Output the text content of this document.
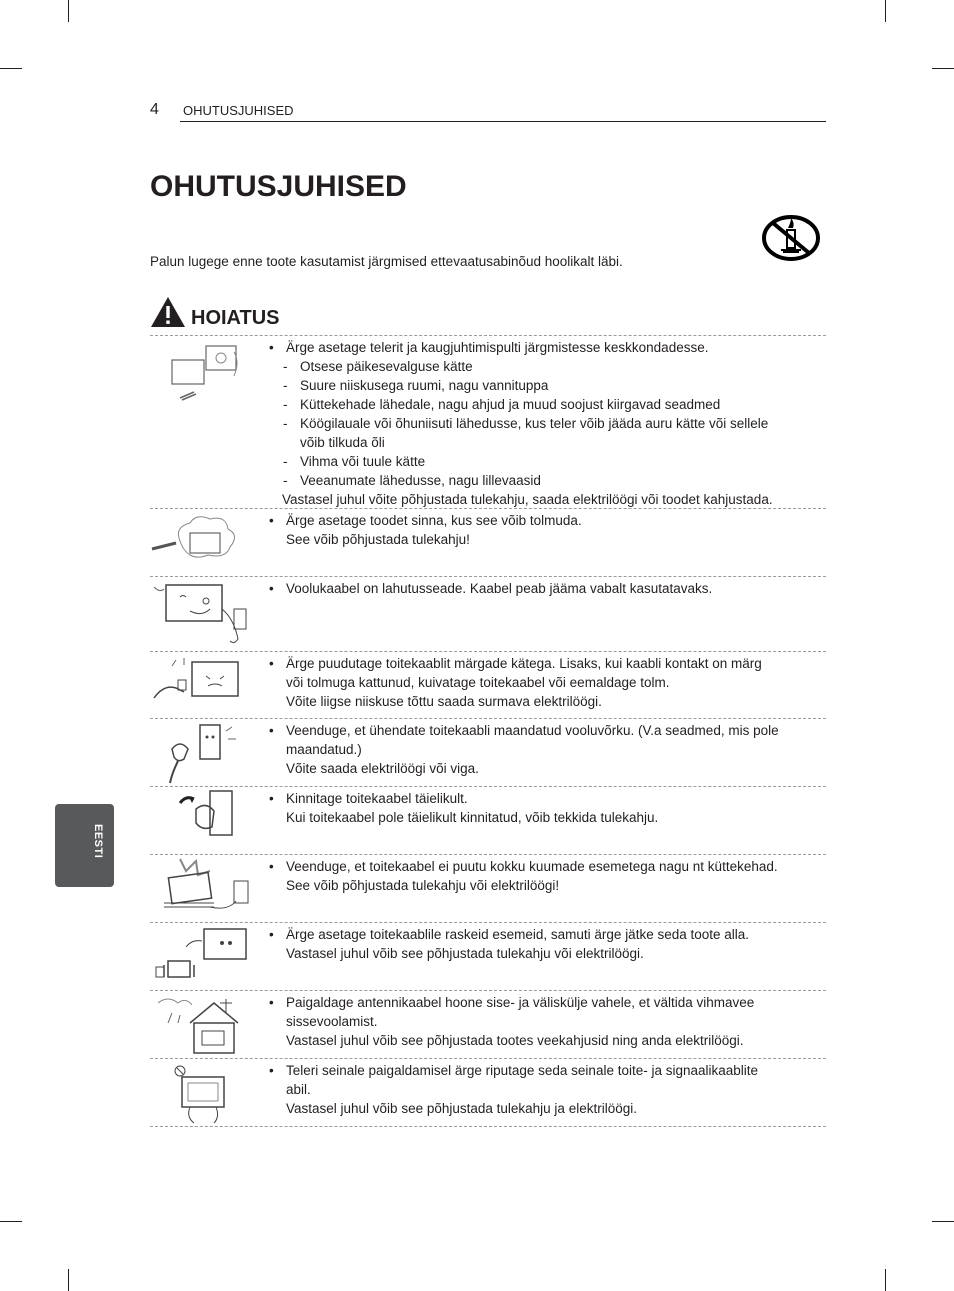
4 OHUTUSJUHISED
OHUTUSJUHISED
Palun lugege enne toote kasutamist järgmised ettevaatusabinõud hoolikalt läbi.
HOIATUS
• Ärge asetage telerit ja kaugjuhtimispulti järgmistesse keskkondadesse.
- Otsese päikesevalguse kätte
- Suure niiskusega ruumi, nagu vannituppa
- Küttekehade lähedale, nagu ahjud ja muud soojust kiirgavad seadmed
- Köögilauale või õhuniisuti lähedusse, kus teler võib jääda auru kätte või sellele
võib tilkuda õli
- Vihma või tuule kätte
- Veeanumate lähedusse, nagu lillevaasid
Vastasel juhul võite põhjustada tulekahju, saada elektrilöögi või toodet kahjustada.
• Ärge asetage toodet sinna, kus see võib tolmuda.
See võib põhjustada tulekahju!
• Voolukaabel on lahutusseade. Kaabel peab jääma vabalt kasutatavaks.
• Ärge puudutage toitekaablit märgade kätega. Lisaks, kui kaabli kontakt on märg
või tolmuga kattunud, kuivatage toitekaabel või eemaldage tolm.
Võite liigse niiskuse tõttu saada surmava elektrilöögi.
• Veenduge, et ühendate toitekaabli maandatud vooluvõrku. (V.a seadmed, mis pole
maandatud.)
Võite saada elektrilöögi või viga.
• Kinnitage toitekaabel täielikult.
Kui toitekaabel pole täielikult kinnitatud, võib tekkida tulekahju.
• Veenduge, et toitekaabel ei puutu kokku kuumade esemetega nagu nt küttekehad.
See võib põhjustada tulekahju või elektrilöögi!
• Ärge asetage toitekaablile raskeid esemeid, samuti ärge jätke seda toote alla.
Vastasel juhul võib see põhjustada tulekahju või elektrilöögi.
• Paigaldage antennikaabel hoone sise- ja väliskülje vahele, et vältida vihmavee
sissevoolamist.
Vastasel juhul võib see põhjustada tootes veekahjusid ning anda elektrilöögi.
• Teleri seinale paigaldamisel ärge riputage seda seinale toite- ja signaalikaablite
abil.
Vastasel juhul võib see põhjustada tulekahju ja elektrilöögi.
EESTI
